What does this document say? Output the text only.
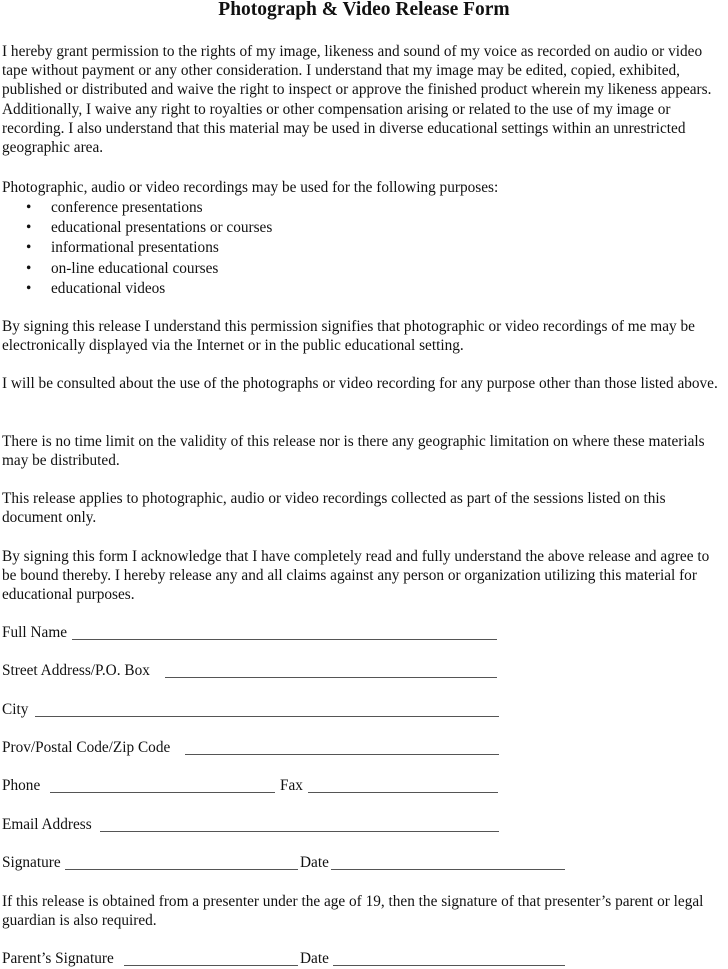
Photograph & Video Release Form

I hereby grant permission to the rights of my image, likeness and sound of my voice as recorded on audio or video tape without payment or any other consideration. I understand that my image may be edited, copied, exhibited, published or distributed and waive the right to inspect or approve the finished product wherein my likeness appears. Additionally, I waive any right to royalties or other compensation arising or related to the use of my image or recording. I also understand that this material may be used in diverse educational settings within an unrestricted geographic area.

Photographic, audio or video recordings may be used for the following purposes:

• conference presentations
• educational presentations or courses
• informational presentations
• on-line educational courses
• educational videos

By signing this release I understand this permission signifies that photographic or video recordings of me may be electronically displayed via the Internet or in the public educational setting.

I will be consulted about the use of the photographs or video recording for any purpose other than those listed above.

There is no time limit on the validity of this release nor is there any geographic limitation on where these materials may be distributed.

This release applies to photographic, audio or video recordings collected as part of the sessions listed on this document only.

By signing this form I acknowledge that I have completely read and fully understand the above release and agree to be bound thereby. I hereby release any and all claims against any person or organization utilizing this material for educational purposes.

Full Name
Street Address/P.O. Box
City
Prov/Postal Code/Zip Code
Phone	Fax
Email Address
Signature	Date

If this release is obtained from a presenter under the age of 19, then the signature of that presenter’s parent or legal guardian is also required.

Parent’s Signature	Date
